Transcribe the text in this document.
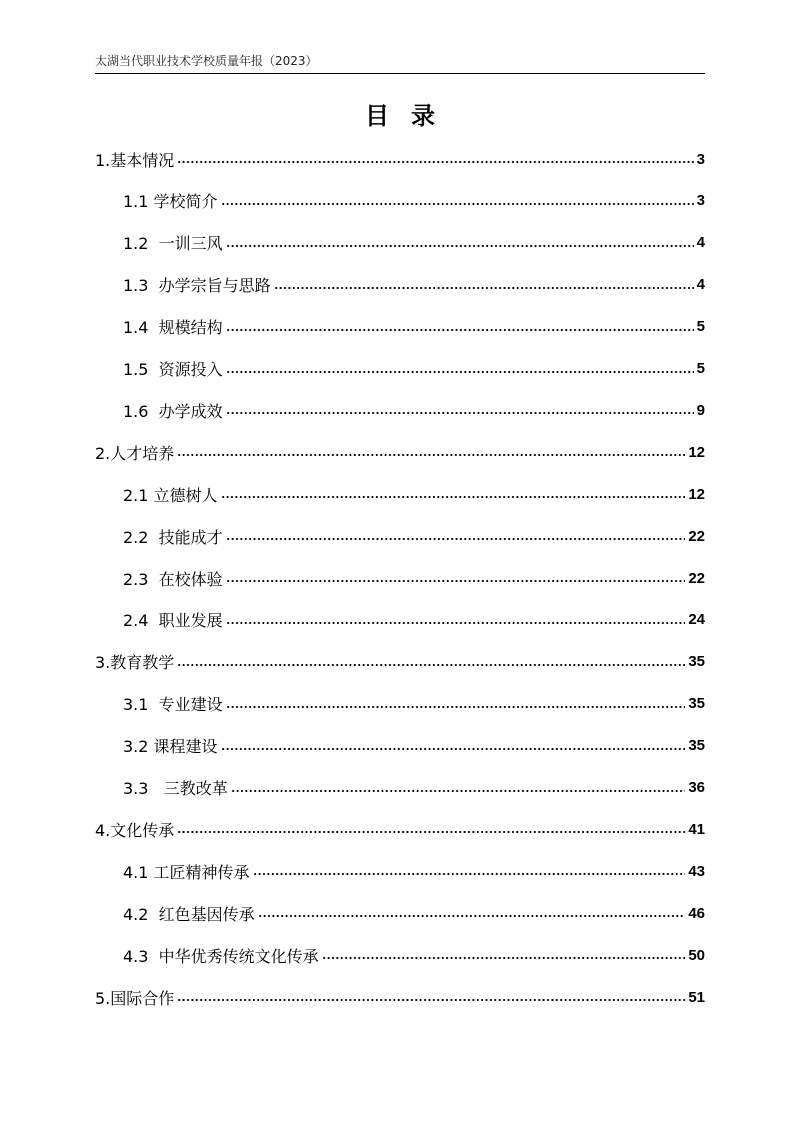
太湖当代职业技术学校质量年报（2023）
目录
1.基本情况	3
1.1 学校简介	3
1.2  一训三风	4
1.3  办学宗旨与思路	4
1.4  规模结构	5
1.5  资源投入	5
1.6  办学成效	9
2.人才培养	12
2.1 立德树人	12
2.2  技能成才	22
2.3  在校体验	22
2.4  职业发展	24
3.教育教学	35
3.1  专业建设	35
3.2 课程建设	35
3.3   三教改革	36
4.文化传承	41
4.1 工匠精神传承	43
4.2  红色基因传承	46
4.3  中华优秀传统文化传承	50
5.国际合作	51
